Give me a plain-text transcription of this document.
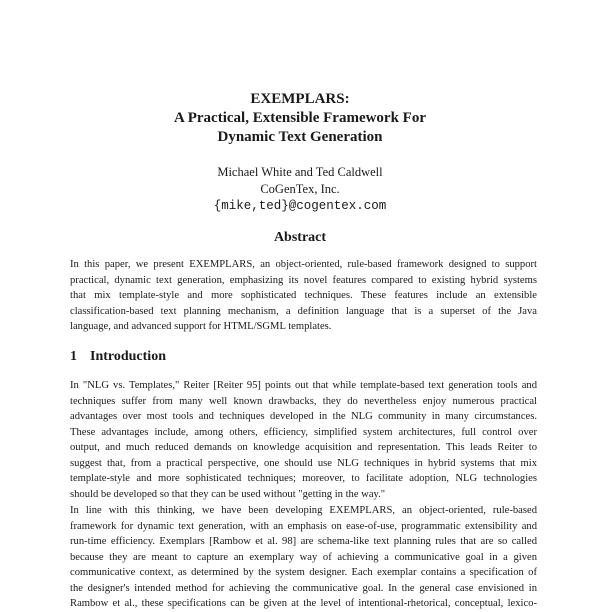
EXEMPLARS:
A Practical, Extensible Framework For
Dynamic Text Generation
Michael White and Ted Caldwell
CoGenTex, Inc.
{mike,ted}@cogentex.com
Abstract
In this paper, we present EXEMPLARS, an object-oriented, rule-based framework designed to support
practical, dynamic text generation, emphasizing its novel features compared to existing hybrid systems
that mix template-style and more sophisticated techniques. These features include an extensible
classification-based text planning mechanism, a definition language that is a superset of the Java
language, and advanced support for HTML/SGML templates.
1 Introduction
In "NLG vs. Templates," Reiter [Reiter 95] points out that while template-based text generation tools and
techniques suffer from many well known drawbacks, they do nevertheless enjoy numerous practical
advantages over most tools and techniques developed in the NLG community in many circumstances.
These advantages include, among others, efficiency, simplified system architectures, full control over
output, and much reduced demands on knowledge acquisition and representation. This leads Reiter to
suggest that, from a practical perspective, one should use NLG techniques in hybrid systems that mix
template-style and more sophisticated techniques; moreover, to facilitate adoption, NLG technologies
should be developed so that they can be used without "getting in the way."
In line with this thinking, we have been developing EXEMPLARS, an object-oriented, rule-based
framework for dynamic text generation, with an emphasis on ease-of-use, programmatic extensibility and
run-time efficiency. Exemplars [Rambow et al. 98] are schema-like text planning rules that are so called
because they are meant to capture an exemplary way of achieving a communicative goal in a given
communicative context, as determined by the system designer. Each exemplar contains a specification of
the designer's intended method for achieving the communicative goal. In the general case envisioned in
Rambow et al., these specifications can be given at the level of intentional-rhetorical, conceptual, lexico-
